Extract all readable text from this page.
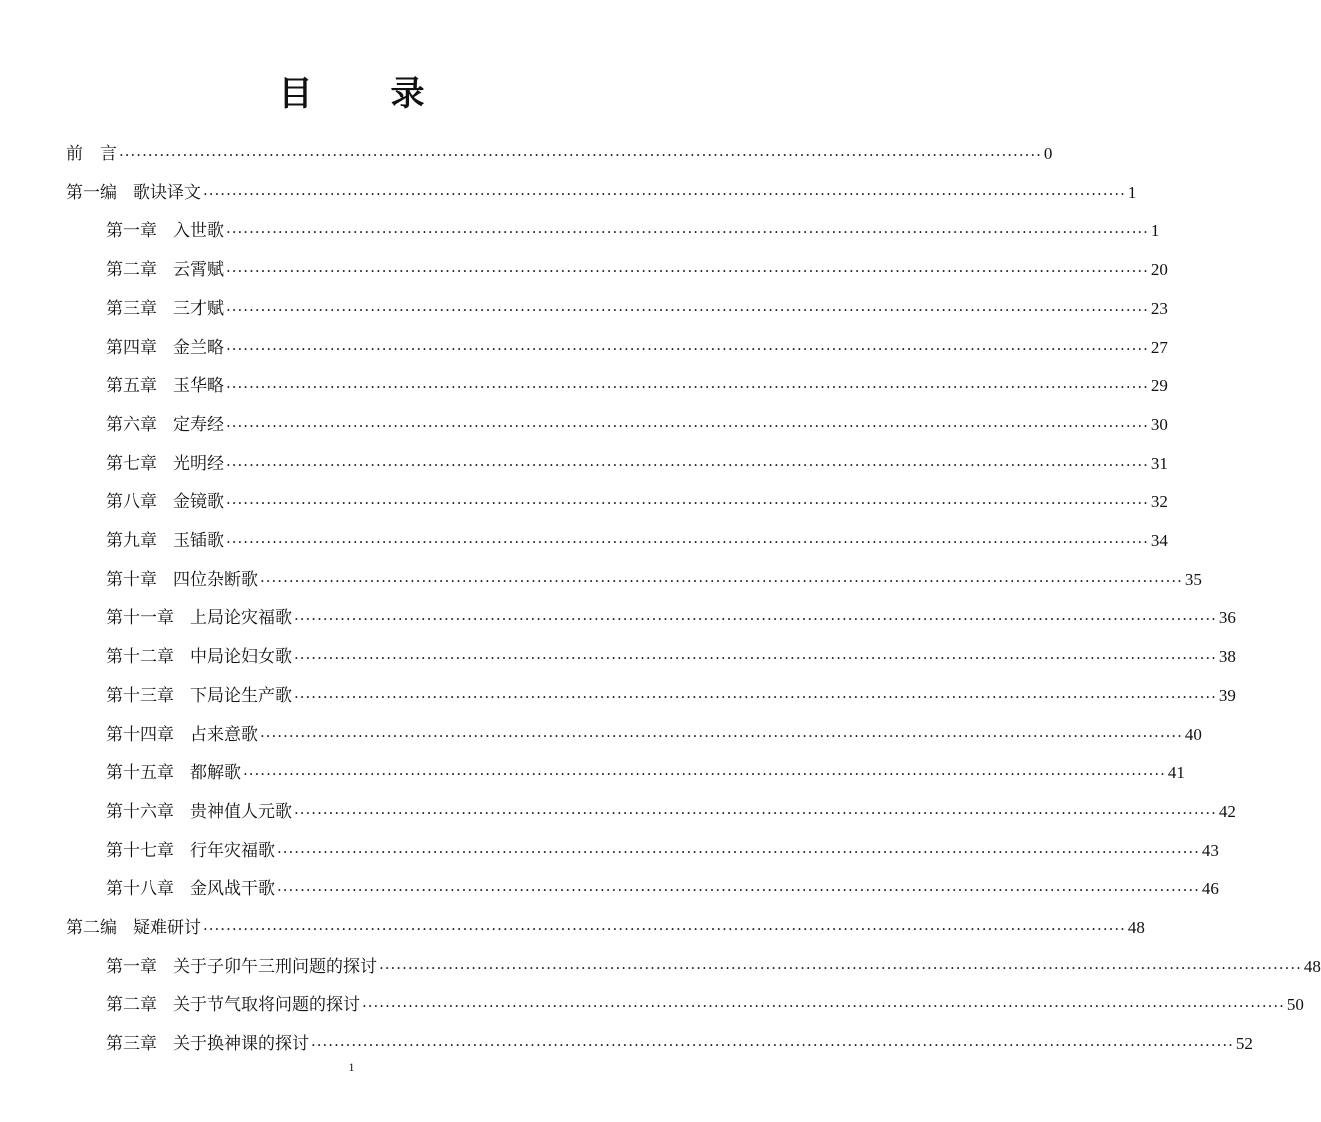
目 录
前　言 ································································································································································ 0
第一编 歌诀译文 ································································································································································ 1
第一章 入世歌 ································································································································································ 1
第二章 云霄赋 ································································································································································ 20
第三章 三才赋 ································································································································································ 23
第四章 金兰略 ································································································································································ 27
第五章 玉华略 ································································································································································ 29
第六章 定寿经 ································································································································································ 30
第七章 光明经 ································································································································································ 31
第八章 金镜歌 ································································································································································ 32
第九章 玉锸歌 ································································································································································ 34
第十章 四位杂断歌 ································································································································································ 35
第十一章 上局论灾福歌 ································································································································································ 36
第十二章 中局论妇女歌 ································································································································································ 38
第十三章 下局论生产歌 ································································································································································ 39
第十四章 占来意歌 ································································································································································ 40
第十五章 都解歌 ································································································································································ 41
第十六章 贵神值人元歌 ································································································································································ 42
第十七章 行年灾福歌 ································································································································································ 43
第十八章 金风战干歌 ································································································································································ 46
第二编 疑难研讨 ································································································································································ 48
第一章 关于子卯午三刑问题的探讨 ································································································································································ 48
第二章 关于节气取将问题的探讨 ································································································································································ 50
第三章 关于换神课的探讨 ································································································································································ 52
1
